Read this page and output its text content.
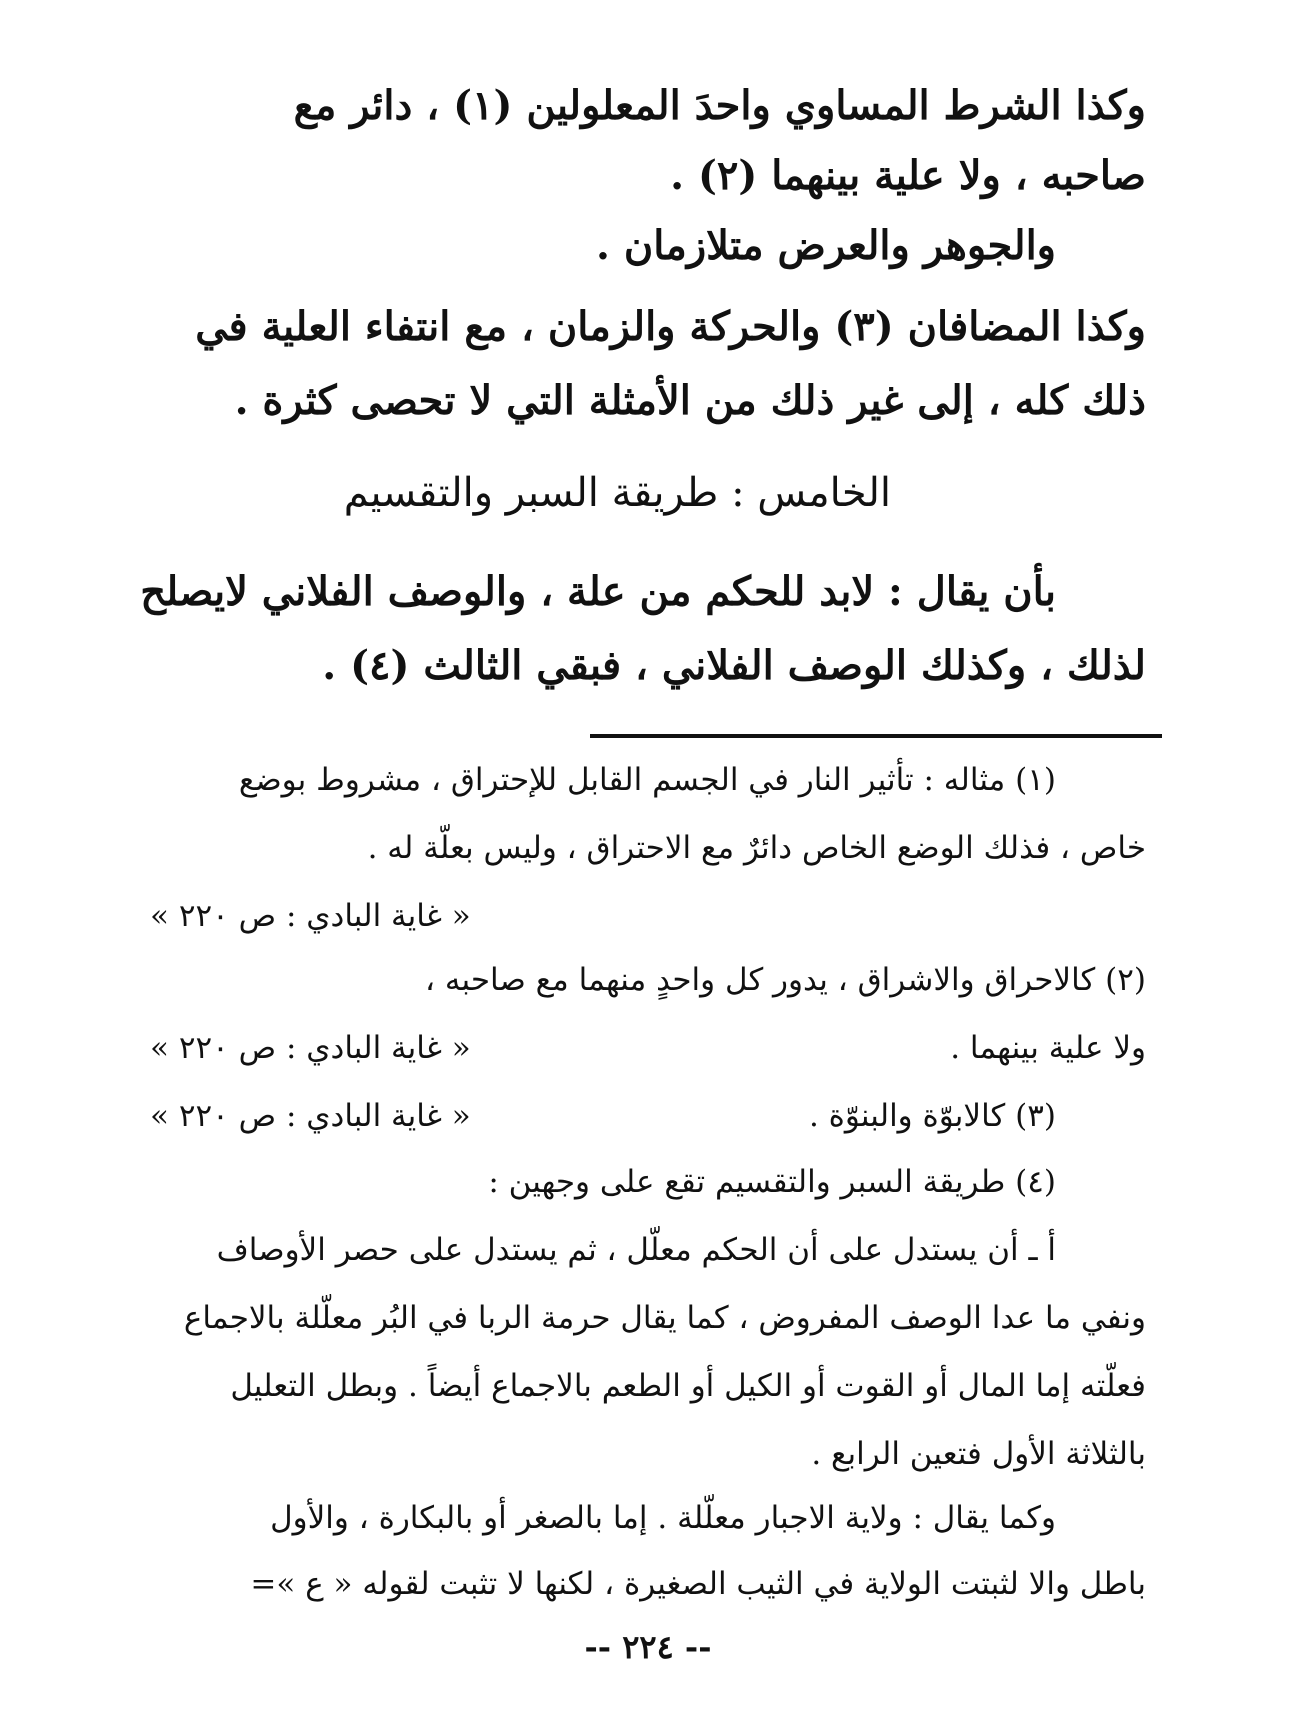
وكذا الشرط المساوي واحدَ المعلولين (١) ، دائر مع
صاحبه ، ولا علية بينهما (٢) .
والجوهر والعرض متلازمان .
وكذا المضافان (٣) والحركة والزمان ، مع انتفاء العلية في
ذلك كله ، إلى غير ذلك من الأمثلة التي لا تحصى كثرة .
الخامس : طريقة السبر والتقسيم
بأن يقال : لابد للحكم من علة ، والوصف الفلاني لايصلح
لذلك ، وكذلك الوصف الفلاني ، فبقي الثالث (٤) .
(١) مثاله : تأثير النار في الجسم القابل للإحتراق ، مشروط بوضع
خاص ، فذلك الوضع الخاص دائرٌ مع الاحتراق ، وليس بعلّة له .
« غاية البادي : ص ٢٢٠ »
(٢) كالاحراق والاشراق ، يدور كل واحدٍ منهما مع صاحبه ،
ولا علية بينهما .
« غاية البادي : ص ٢٢٠ »
(٣) كالابوّة والبنوّة .
« غاية البادي : ص ٢٢٠ »
(٤) طريقة السبر والتقسيم تقع على وجهين :
أ ـ أن يستدل على أن الحكم معلّل ، ثم يستدل على حصر الأوصاف
ونفي ما عدا الوصف المفروض ، كما يقال حرمة الربا في البُر معلّلة بالاجماع
فعلّته إما المال أو القوت أو الكيل أو الطعم بالاجماع أيضاً . وبطل التعليل
بالثلاثة الأول فتعين الرابع .
وكما يقال : ولاية الاجبار معلّلة . إما بالصغر أو بالبكارة ، والأول
باطل والا لثبتت الولاية في الثيب الصغيرة ، لكنها لا تثبت لقوله « ع »=
-- ٢٢٤ --
